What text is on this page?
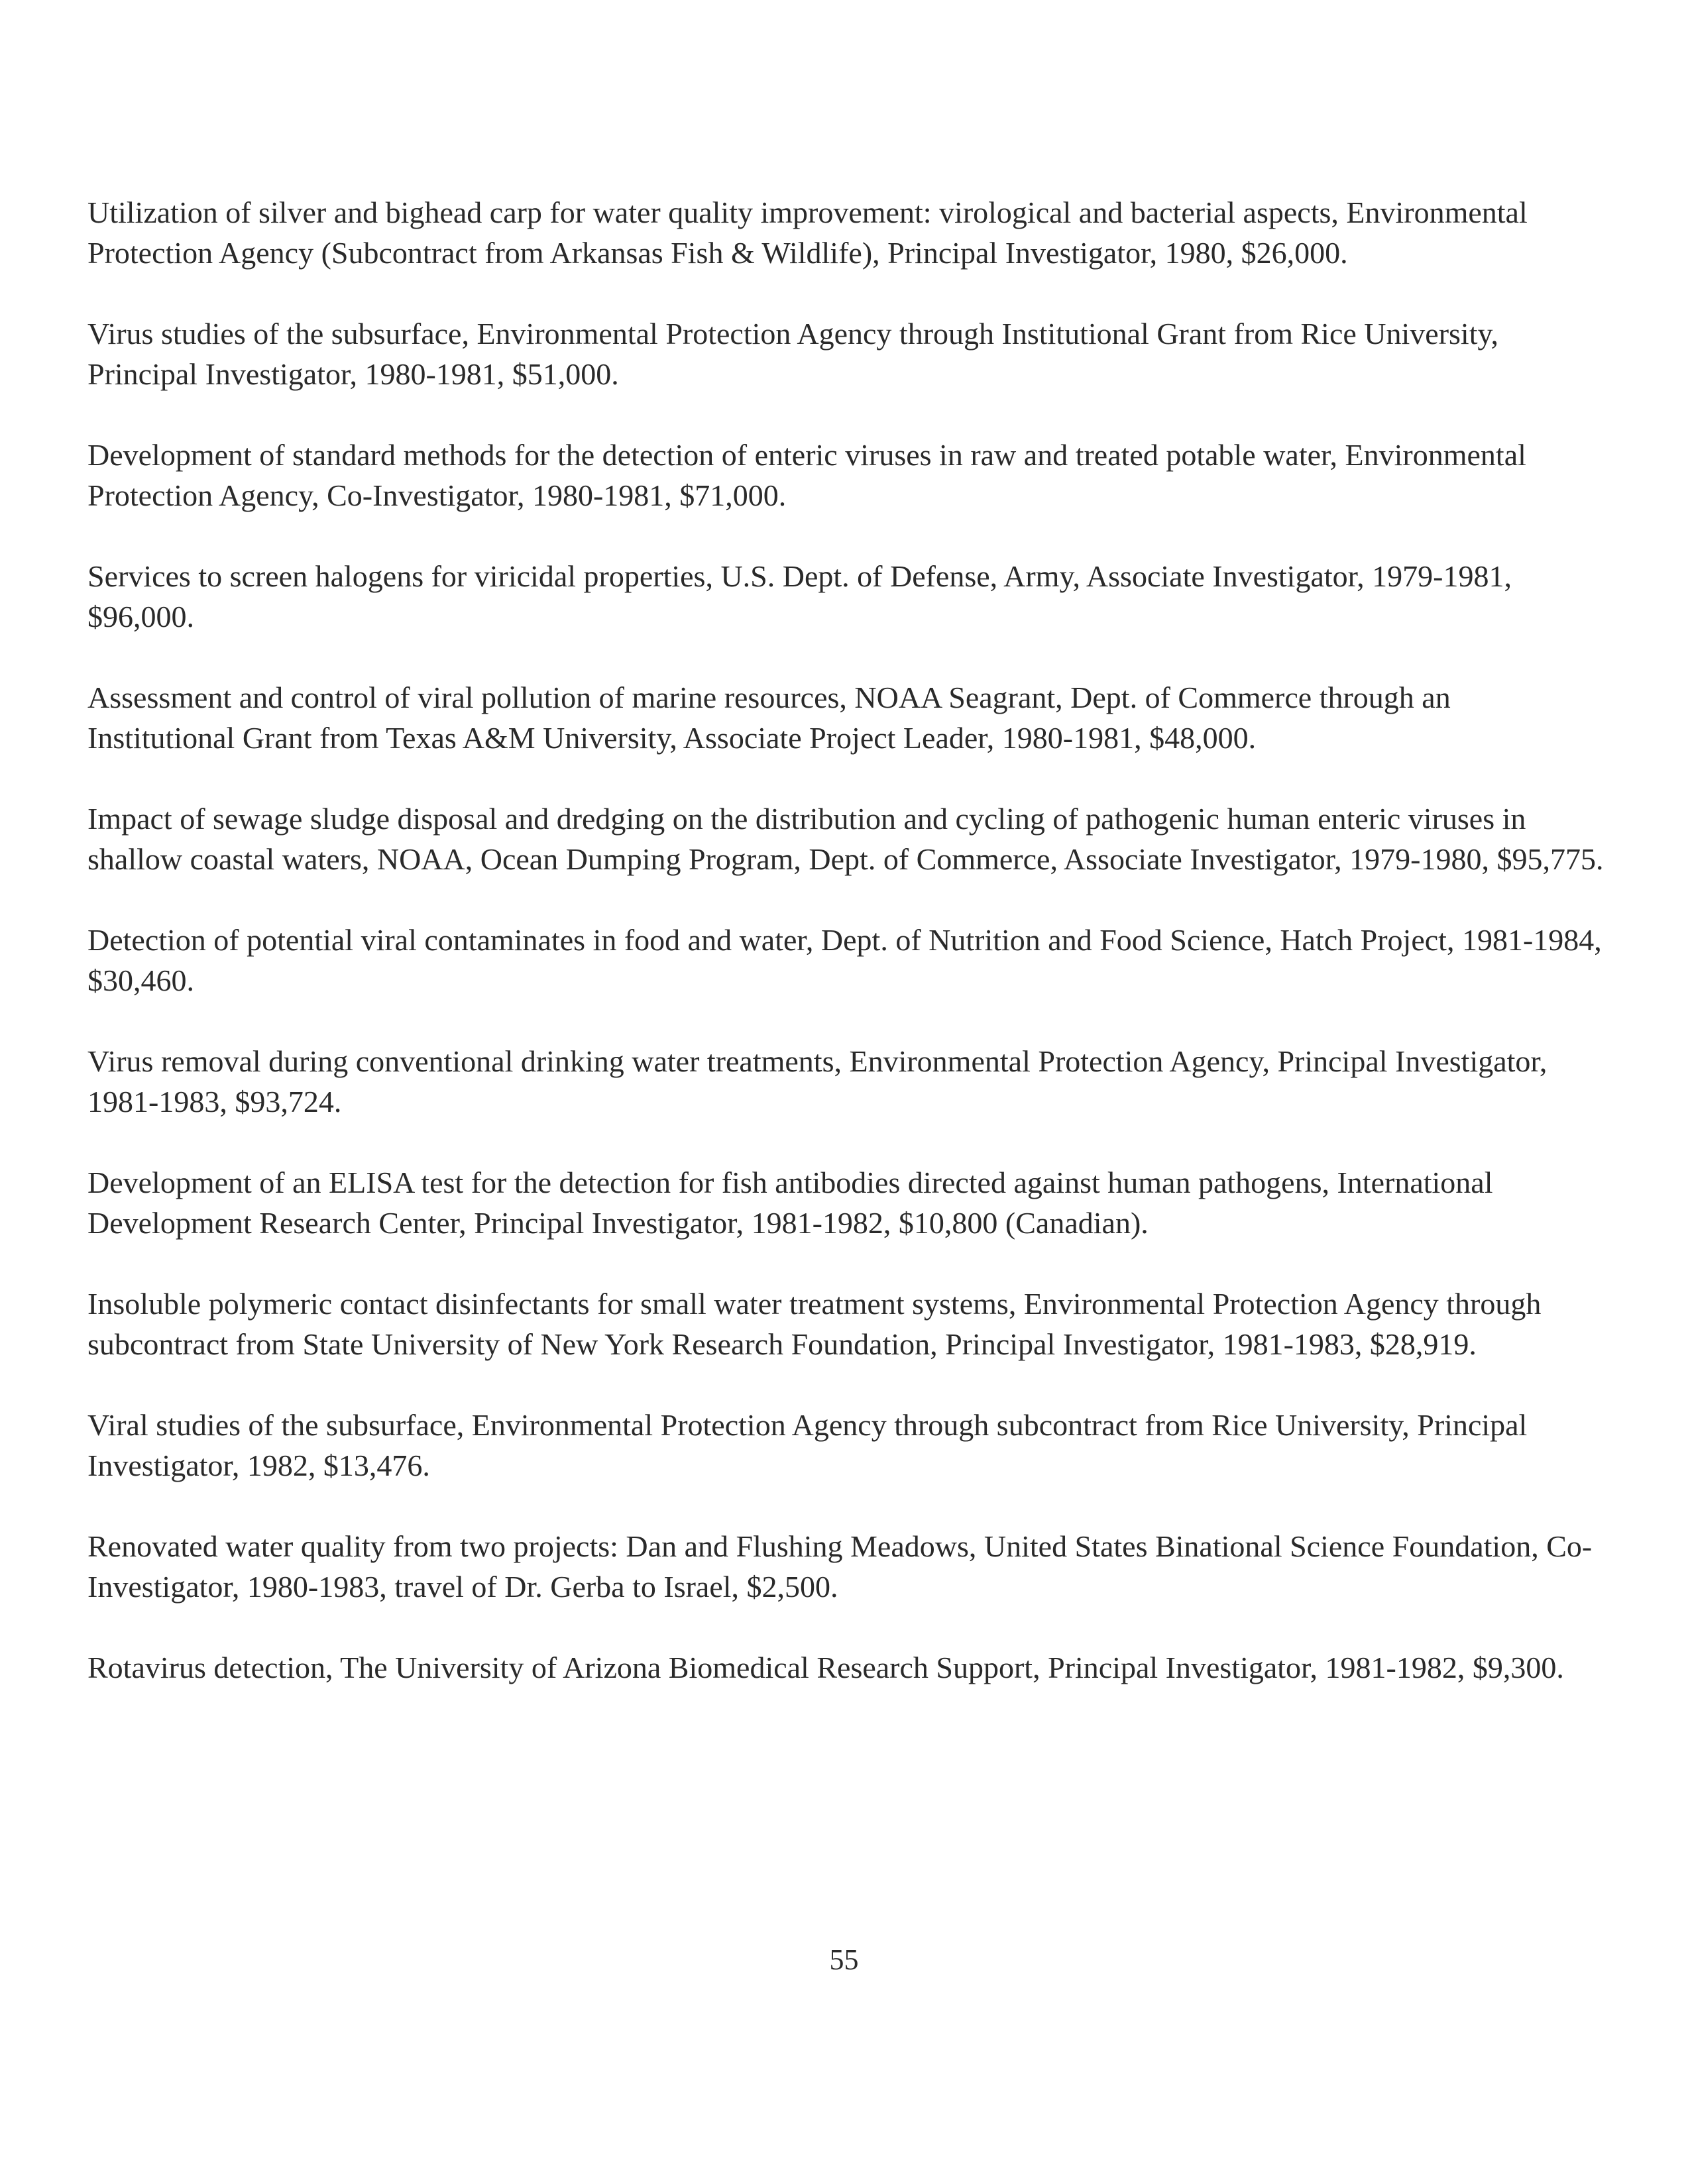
Utilization of silver and bighead carp for water quality improvement: virological and bacterial aspects, Environmental Protection Agency (Subcontract from Arkansas Fish & Wildlife), Principal Investigator, 1980, $26,000.
Virus studies of the subsurface, Environmental Protection Agency through Institutional Grant from Rice University, Principal Investigator, 1980-1981, $51,000.
Development of standard methods for the detection of enteric viruses in raw and treated potable water, Environmental Protection Agency, Co-Investigator, 1980-1981, $71,000.
Services to screen halogens for viricidal properties, U.S. Dept. of Defense, Army, Associate Investigator, 1979-1981, $96,000.
Assessment and control of viral pollution of marine resources, NOAA Seagrant, Dept. of Commerce through an Institutional Grant from Texas A&M University, Associate Project Leader, 1980-1981, $48,000.
Impact of sewage sludge disposal and dredging on the distribution and cycling of pathogenic human enteric viruses in shallow coastal waters, NOAA, Ocean Dumping Program, Dept. of Commerce, Associate Investigator, 1979-1980, $95,775.
Detection of potential viral contaminates in food and water, Dept. of Nutrition and Food Science, Hatch Project, 1981-1984, $30,460.
Virus removal during conventional drinking water treatments, Environmental Protection Agency, Principal Investigator, 1981-1983, $93,724.
Development of an ELISA test for the detection for fish antibodies directed against human pathogens, International Development Research Center, Principal Investigator, 1981-1982, $10,800 (Canadian).
Insoluble polymeric contact disinfectants for small water treatment systems, Environmental Protection Agency through subcontract from State University of New York Research Foundation, Principal Investigator, 1981-1983, $28,919.
Viral studies of the subsurface, Environmental Protection Agency through subcontract from Rice University, Principal Investigator, 1982, $13,476.
Renovated water quality from two projects: Dan and Flushing Meadows, United States Binational Science Foundation, Co-Investigator, 1980-1983, travel of Dr. Gerba to Israel, $2,500.
Rotavirus detection, The University of Arizona Biomedical Research Support, Principal Investigator, 1981-1982, $9,300.
55
